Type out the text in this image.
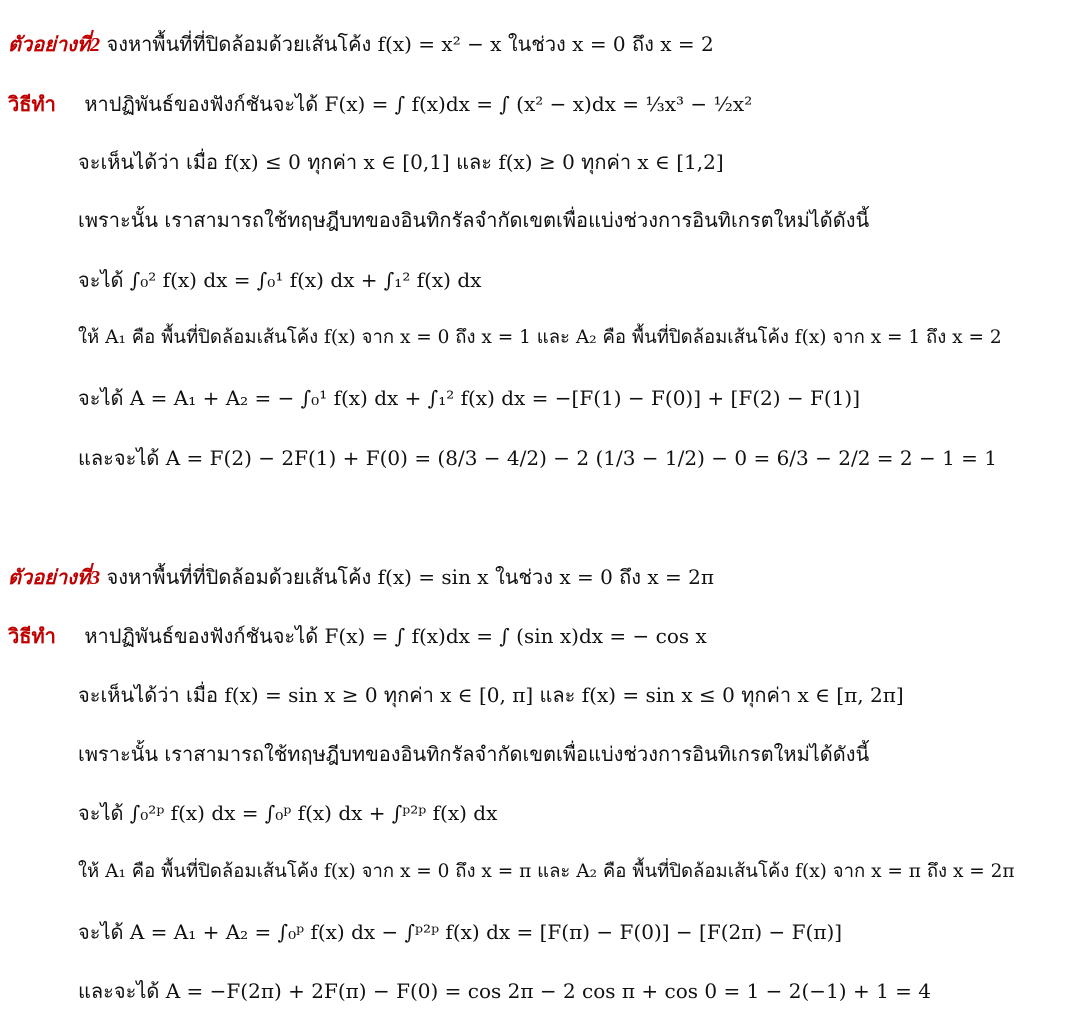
ตัวอย่างที่2 จงหาพื้นที่ที่ปิดล้อมด้วยเส้นโค้ง f(x) = x² − x ในช่วง x = 0 ถึง x = 2
วิธีทำ หาปฏิพันธ์ของฟังก์ชันจะได้ F(x) = ∫ f(x)dx = ∫ (x² − x)dx = ⅓x³ − ½x²
จะเห็นได้ว่า เมื่อ f(x) ≤ 0 ทุกค่า x ∈ [0,1] และ f(x) ≥ 0 ทุกค่า x ∈ [1,2]
เพราะนั้น เราสามารถใช้ทฤษฎีบทของอินทิกรัลจำกัดเขตเพื่อแบ่งช่วงการอินทิเกรตใหม่ได้ดังนี้
จะได้ ∫₀² f(x) dx = ∫₀¹ f(x) dx + ∫₁² f(x) dx
ให้ A₁ คือ พื้นที่ปิดล้อมเส้นโค้ง f(x) จาก x = 0 ถึง x = 1 และ A₂ คือ พื้นที่ปิดล้อมเส้นโค้ง f(x) จาก x = 1 ถึง x = 2
จะได้ A = A₁ + A₂ = − ∫₀¹ f(x) dx + ∫₁² f(x) dx = −[F(1) − F(0)] + [F(2) − F(1)]
และจะได้ A = F(2) − 2F(1) + F(0) = (8/3 − 4/2) − 2 (1/3 − 1/2) − 0 = 6/3 − 2/2 = 2 − 1 = 1
ตัวอย่างที่3 จงหาพื้นที่ที่ปิดล้อมด้วยเส้นโค้ง f(x) = sin x ในช่วง x = 0 ถึง x = 2π
วิธีทำ หาปฏิพันธ์ของฟังก์ชันจะได้ F(x) = ∫ f(x)dx = ∫ (sin x)dx = − cos x
จะเห็นได้ว่า เมื่อ f(x) = sin x ≥ 0 ทุกค่า x ∈ [0, π] และ f(x) = sin x ≤ 0 ทุกค่า x ∈ [π, 2π]
เพราะนั้น เราสามารถใช้ทฤษฎีบทของอินทิกรัลจำกัดเขตเพื่อแบ่งช่วงการอินทิเกรตใหม่ได้ดังนี้
จะได้ ∫₀²ᵖ f(x) dx = ∫₀ᵖ f(x) dx + ∫ᵖ²ᵖ f(x) dx
ให้ A₁ คือ พื้นที่ปิดล้อมเส้นโค้ง f(x) จาก x = 0 ถึง x = π และ A₂ คือ พื้นที่ปิดล้อมเส้นโค้ง f(x) จาก x = π ถึง x = 2π
จะได้ A = A₁ + A₂ = ∫₀ᵖ f(x) dx − ∫ᵖ²ᵖ f(x) dx = [F(π) − F(0)] − [F(2π) − F(π)]
และจะได้ A = −F(2π) + 2F(π) − F(0) = cos 2π − 2 cos π + cos 0 = 1 − 2(−1) + 1 = 4
